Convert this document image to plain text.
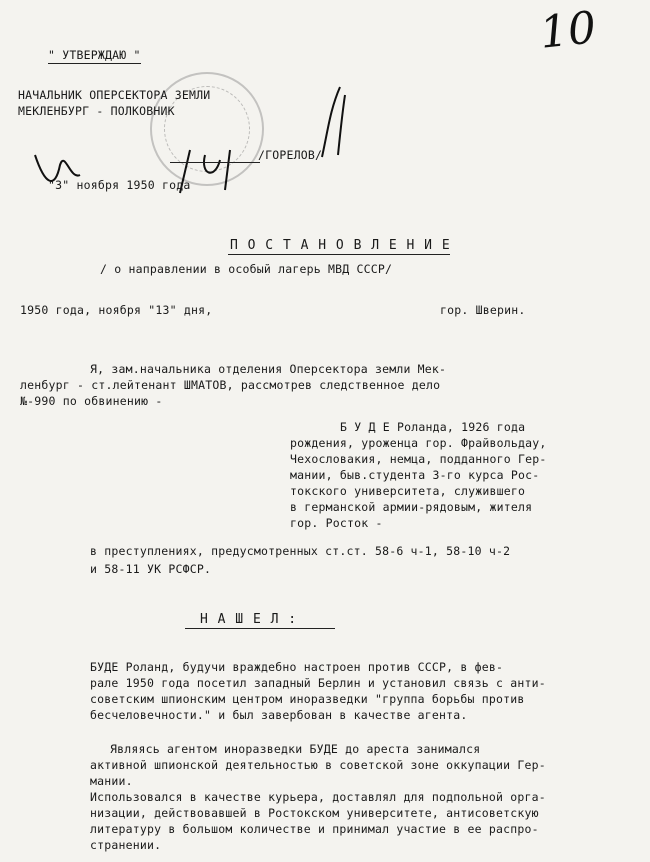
10
" УТВЕРЖДАЮ "
НАЧАЛЬНИК ОПЕРСЕКТОРА ЗЕМЛИ
МЕКЛЕНБУРГ - ПОЛКОВНИК
/ГОРЕЛОВ/
"3" ноября 1950 года
П О С Т А Н О В Л Е Н И Е
/ о направлении в особый лагерь МВД СССР/
1950 года, ноября "13" дня,	гор. Шверин.
Я, зам.начальника отделения Оперсектора земли Мек-
ленбург - ст.лейтенант ШМАТОВ, рассмотрев следственное дело
№-990 по обвинению -
Б У Д Е Роланда, 1926 года
рождения, уроженца гор. Фрайвольдау,
Чехословакия, немца, подданного Гер-
мании, быв.студента 3-го курса Рос-
токского университета, служившего
в германской армии-рядовым, жителя
гор. Росток -
в преступлениях, предусмотренных ст.ст. 58-6 ч-1, 58-10 ч-2
и 58-11 УК РСФСР.
Н А Ш Е Л :
БУДЕ Роланд, будучи враждебно настроен против СССР, в фев-
рале 1950 года посетил западный Берлин и установил связь с анти-
советским шпионским центром иноразведки "группа борьбы против
бесчеловечности." и был завербован в качестве агента.
Являясь агентом иноразведки БУДЕ до ареста занимался
активной шпионской деятельностью в советской зоне оккупации Гер-
мании.
Использовался в качестве курьера, доставлял для подпольной орга-
низации, действовавшей в Ростокском университете, антисоветскую
литературу в большом количестве и принимал участие в ее распро-
странении.
